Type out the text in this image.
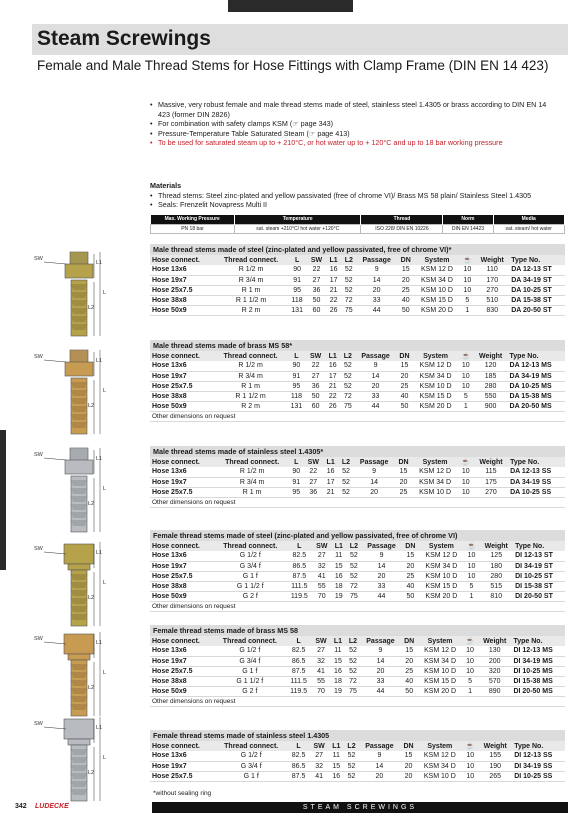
Steam Screwings
Female and Male Thread Stems for Hose Fittings with Clamp Frame (DIN EN 14 423)
• Massive, very robust female and male thread stems made of steel, stainless steel 1.4305 or brass according to DIN EN 14 423 (former DIN 2826)
• For combination with safety clamps KSM (☞ page 343)
• Pressure-Temperature Table Saturated Steam (☞ page 413)
• To be used for saturated steam up to + 210°C, or hot water up to + 120°C and up to 18 bar working pressure
Materials
• Thread stems: Steel zinc-plated and yellow passivated (free of chrome VI)/ Brass MS 58 plain/ Stainless Steel 1.4305
• Seals: Frenzelit Novapress Multi II
Max. Working Pressure	Temperature	Thread	Norm	Media
PN 18 bar	sat. steam +210°C/ hot water +120°C	ISO 228/ DIN EN 10226	DIN EN 14423	sat. steam/ hot water
Male thread stems made of steel (zinc-plated and yellow passivated, free of chrome VI)*
Hose connect.	Thread connect.	L	SW	L1	L2	Passage	DN	System	☕	Weight	Type No.
Hose 13x6	R 1/2 m	90	22	16	52	9	15	KSM 12 D	10	110	DA 12-13 ST
Hose 19x7	R 3/4 m	91	27	17	52	14	20	KSM 34 D	10	170	DA 34-19 ST
Hose 25x7.5	R 1 m	95	36	21	52	20	25	KSM 10 D	10	270	DA 10-25 ST
Hose 38x8	R 1 1/2 m	118	50	22	72	33	40	KSM 15 D	5	510	DA 15-38 ST
Hose 50x9	R 2 m	131	60	26	75	44	50	KSM 20 D	1	830	DA 20-50 ST
Male thread stems made of brass MS 58*
Hose connect.	Thread connect.	L	SW	L1	L2	Passage	DN	System	☕	Weight	Type No.
Hose 13x6	R 1/2 m	90	22	16	52	9	15	KSM 12 D	10	120	DA 12-13 MS
Hose 19x7	R 3/4 m	91	27	17	52	14	20	KSM 34 D	10	185	DA 34-19 MS
Hose 25x7.5	R 1 m	95	36	21	52	20	25	KSM 10 D	10	280	DA 10-25 MS
Hose 38x8	R 1 1/2 m	118	50	22	72	33	40	KSM 15 D	5	550	DA 15-38 MS
Hose 50x9	R 2 m	131	60	26	75	44	50	KSM 20 D	1	900	DA 20-50 MS
Other dimensions on request
Male thread stems made of stainless steel 1.4305*
Hose connect.	Thread connect.	L	SW	L1	L2	Passage	DN	System	☕	Weight	Type No.
Hose 13x6	R 1/2 m	90	22	16	52	9	15	KSM 12 D	10	115	DA 12-13 SS
Hose 19x7	R 3/4 m	91	27	17	52	14	20	KSM 34 D	10	175	DA 34-19 SS
Hose 25x7.5	R 1 m	95	36	21	52	20	25	KSM 10 D	10	270	DA 10-25 SS
Other dimensions on request
Female thread stems made of steel (zinc-plated and yellow passivated, free of chrome VI)
Hose connect.	Thread connect.	L	SW	L1	L2	Passage	DN	System	☕	Weight	Type No.
Hose 13x6	G 1/2 f	82.5	27	11	52	9	15	KSM 12 D	10	125	DI 12-13 ST
Hose 19x7	G 3/4 f	86.5	32	15	52	14	20	KSM 34 D	10	180	DI 34-19 ST
Hose 25x7.5	G 1 f	87.5	41	16	52	20	25	KSM 10 D	10	280	DI 10-25 ST
Hose 38x8	G 1 1/2 f	111.5	55	18	72	33	40	KSM 15 D	5	515	DI 15-38 ST
Hose 50x9	G 2 f	119.5	70	19	75	44	50	KSM 20 D	1	810	DI 20-50 ST
Other dimensions on request
Female thread stems made of brass MS 58
Hose connect.	Thread connect.	L	SW	L1	L2	Passage	DN	System	☕	Weight	Type No.
Hose 13x6	G 1/2 f	82.5	27	11	52	9	15	KSM 12 D	10	130	DI 12-13 MS
Hose 19x7	G 3/4 f	86.5	32	15	52	14	20	KSM 34 D	10	200	DI 34-19 MS
Hose 25x7.5	G 1 f	87.5	41	16	52	20	25	KSM 10 D	10	320	DI 10-25 MS
Hose 38x8	G 1 1/2 f	111.5	55	18	72	33	40	KSM 15 D	5	570	DI 15-38 MS
Hose 50x9	G 2 f	119.5	70	19	75	44	50	KSM 20 D	1	890	DI 20-50 MS
Other dimensions on request
Female thread stems made of stainless steel 1.4305
Hose connect.	Thread connect.	L	SW	L1	L2	Passage	DN	System	☕	Weight	Type No.
Hose 13x6	G 1/2 f	82.5	27	11	52	9	15	KSM 12 D	10	155	DI 12-13 SS
Hose 19x7	G 3/4 f	86.5	32	15	52	14	20	KSM 34 D	10	190	DI 34-19 SS
Hose 25x7.5	G 1 f	87.5	41	16	52	20	20	KSM 10 D	10	265	DI 10-25 SS
SW
L1
L
L2
SW
L1
L
L2
SW
L1
L
L2
SW
L1
L
L2
SW
L1
L
L2
SW
L1
L
L2
*without sealing ring
342 LUDECKE	STEAM SCREWINGS
